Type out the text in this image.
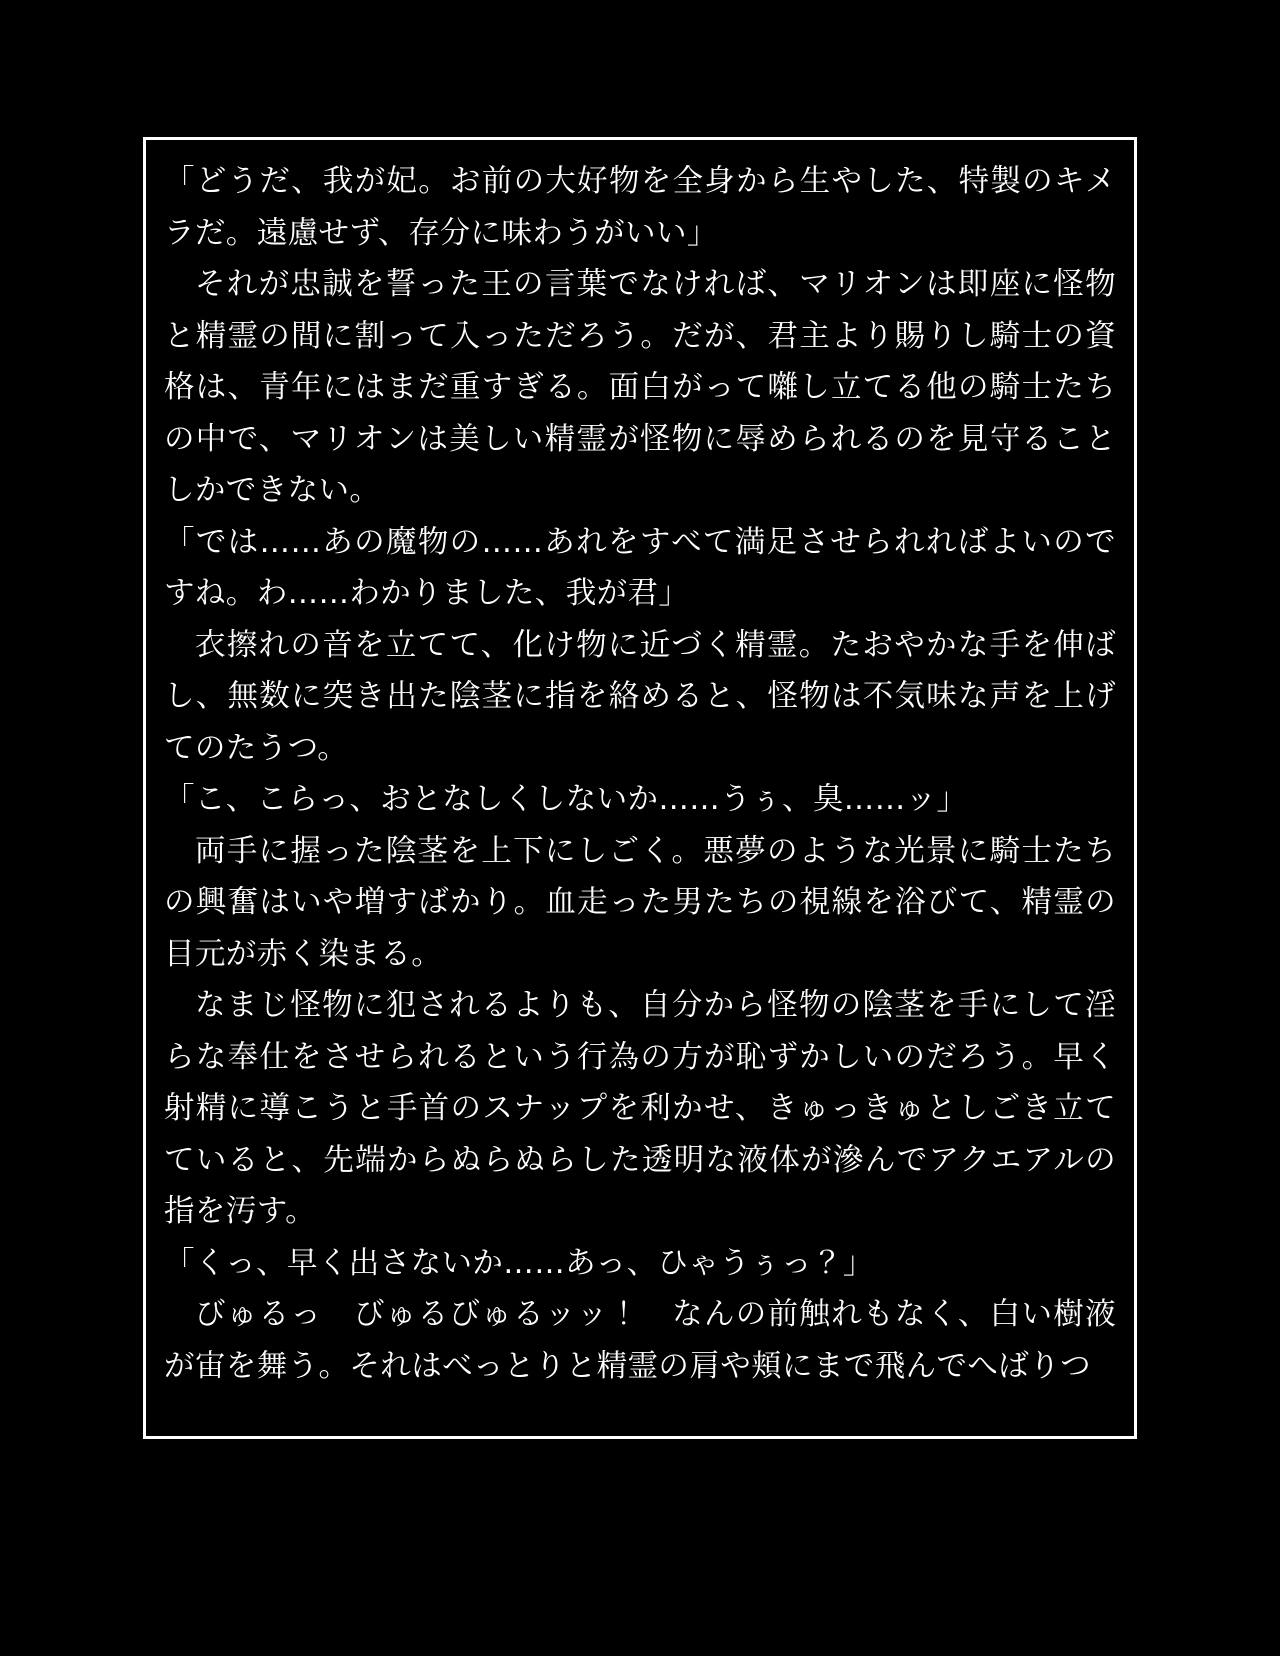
「どうだ、我が妃。お前の大好物を全身から生やした、特製のキメラだ。遠慮せず、存分に味わうがいい」

それが忠誠を誓った王の言葉でなければ、マリオンは即座に怪物と精霊の間に割って入っただろう。だが、君主より賜りし騎士の資格は、青年にはまだ重すぎる。面白がって囃し立てる他の騎士たちの中で、マリオンは美しい精霊が怪物に辱められるのを見守ることしかできない。

「では……あの魔物の……あれをすべて満足させられればよいのですね。わ……わかりました、我が君」

衣擦れの音を立てて、化け物に近づく精霊。たおやかな手を伸ばし、無数に突き出た陰茎に指を絡めると、怪物は不気味な声を上げてのたうつ。

「こ、こらっ、おとなしくしないか……うぅ、臭……ッ」

両手に握った陰茎を上下にしごく。悪夢のような光景に騎士たちの興奮はいや増すばかり。血走った男たちの視線を浴びて、精霊の目元が赤く染まる。

なまじ怪物に犯されるよりも、自分から怪物の陰茎を手にして淫らな奉仕をさせられるという行為の方が恥ずかしいのだろう。早く射精に導こうと手首のスナップを利かせ、きゅっきゅとしごき立てていると、先端からぬらぬらした透明な液体が滲んでアクエアルの指を汚す。

「くっ、早く出さないか……あっ、ひゃうぅっ？」

びゅるっ　びゅるびゅるッッ！　なんの前触れもなく、白い樹液が宙を舞う。それはべっとりと精霊の肩や頬にまで飛んでへばりつ
